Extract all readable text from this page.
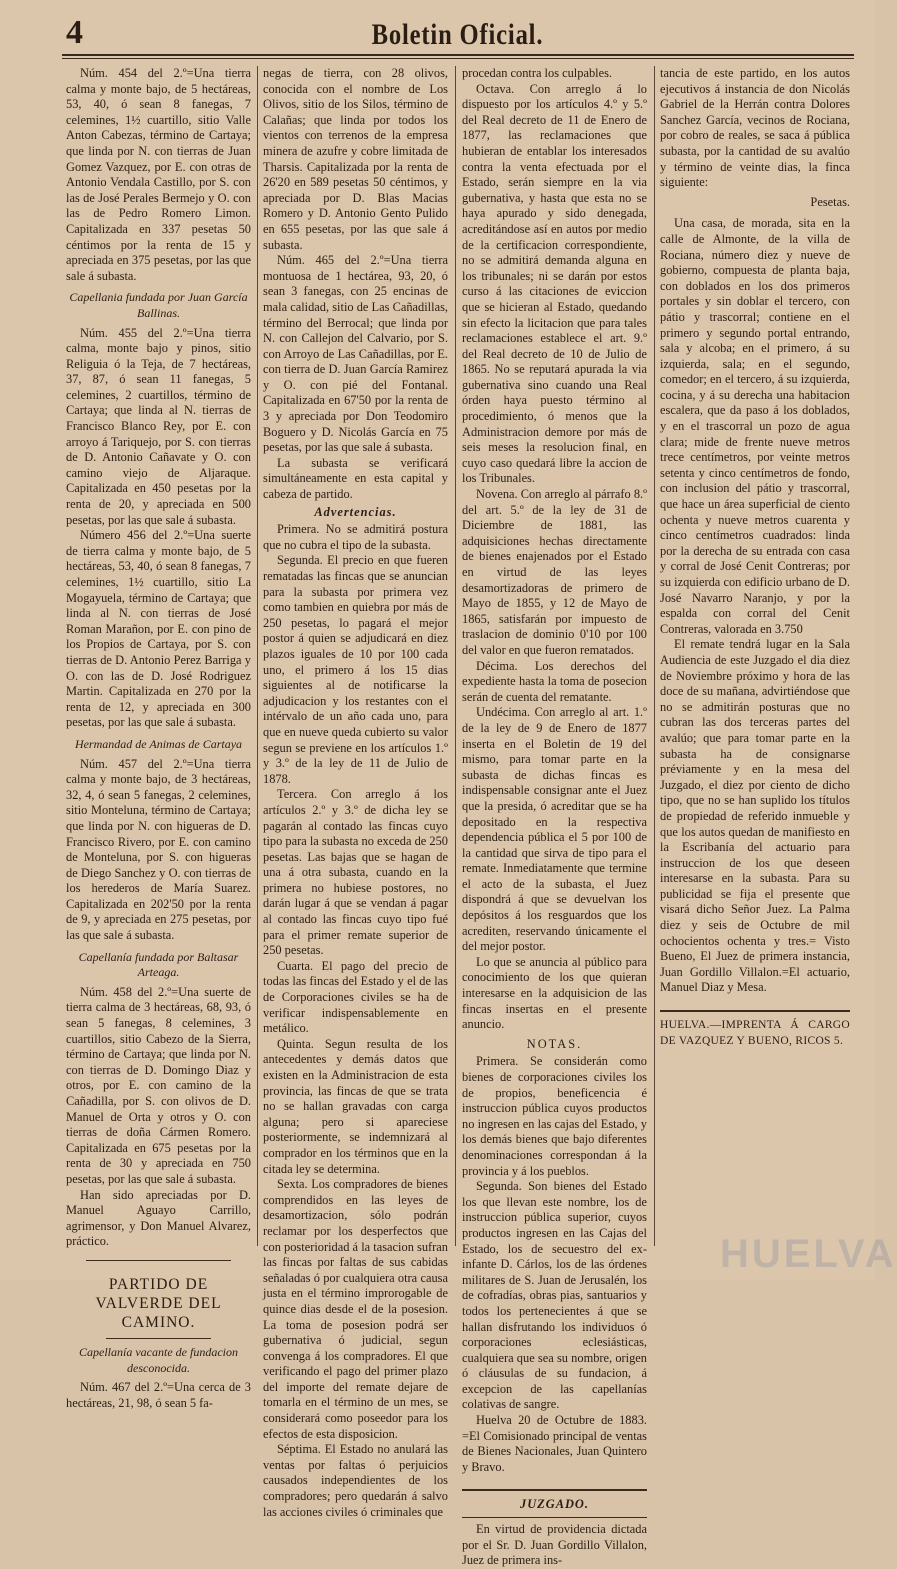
4	Boletin Oficial.

Núm. 454 del 2.º=Una tierra calma y monte bajo, de 5 hectáreas, 53, 40, ó sean 8 fanegas, 7 celemines, 1½ cuartillo, sitio Valle Anton Cabezas, término de Cartaya; que linda por N. con tierras de Juan Gomez Vazquez, por E. con otras de Antonio Vendala Castillo, por S. con las de José Perales Bermejo y O. con las de Pedro Romero Limon. Capitalizada en 337 pesetas 50 céntimos por la renta de 15 y apreciada en 375 pesetas, por las que sale á subasta.

Capellania fundada por Juan García Ballinas.

Núm. 455 del 2.º=Una tierra calma, monte bajo y pinos, sitio Religuia ó la Teja, de 7 hectáreas, 37, 87, ó sean 11 fanegas, 5 celemines, 2 cuartillos, término de Cartaya; que linda al N. tierras de Francisco Blanco Rey, por E. con arroyo á Tariquejo, por S. con tierras de D. Antonio Cañavate y O. con camino viejo de Aljaraque. Capitalizada en 450 pesetas por la renta de 20, y apreciada en 500 pesetas, por las que sale á subasta.

Número 456 del 2.º=Una suerte de tierra calma y monte bajo, de 5 hectáreas, 53, 40, ó sean 8 fanegas, 7 celemines, 1½ cuartillo, sitio La Mogayuela, término de Cartaya; que linda al N. con tierras de José Roman Marañon, por E. con pino de los Propios de Cartaya, por S. con tierras de D. Antonio Perez Barriga y O. con las de D. José Rodriguez Martin. Capitalizada en 270 por la renta de 12, y apreciada en 300 pesetas, por las que sale á subasta.

Hermandad de Animas de Cartaya

Núm. 457 del 2.º=Una tierra calma y monte bajo, de 3 hectáreas, 32, 4, ó sean 5 fanegas, 2 celemines, sitio Monteluna, término de Cartaya; que linda por N. con higueras de D. Francisco Rivero, por E. con camino de Monteluna, por S. con higueras de Diego Sanchez y O. con tierras de los herederos de María Suarez. Capitalizada en 202'50 por la renta de 9, y apreciada en 275 pesetas, por las que sale á subasta.

Capellanía fundada por Baltasar Arteaga.

Núm. 458 del 2.º=Una suerte de tierra calma de 3 hectáreas, 68, 93, ó sean 5 fanegas, 8 celemines, 3 cuartillos, sitio Cabezo de la Sierra, término de Cartaya; que linda por N. con tierras de D. Domingo Diaz y otros, por E. con camino de la Cañadilla, por S. con olivos de D. Manuel de Orta y otros y O. con tierras de doña Cármen Romero. Capitalizada en 675 pesetas por la renta de 30 y apreciada en 750 pesetas, por las que sale á subasta.

Han sido apreciadas por D. Manuel Aguayo Carrillo, agrimensor, y Don Manuel Alvarez, práctico.

PARTIDO DE VALVERDE DEL CAMINO.

Capellanía vacante de fundacion desconocida.

Núm. 467 del 2.º=Una cerca de 3 hectáreas, 21, 98, ó sean 5 fa-

negas de tierra, con 28 olivos, conocida con el nombre de Los Olivos, sitio de los Silos, término de Calañas; que linda por todos los vientos con terrenos de la empresa minera de azufre y cobre limitada de Tharsis. Capitalizada por la renta de 26'20 en 589 pesetas 50 céntimos, y apreciada por D. Blas Macias Romero y D. Antonio Gento Pulido en 655 pesetas, por las que sale á subasta.

Núm. 465 del 2.º=Una tierra montuosa de 1 hectárea, 93, 20, ó sean 3 fanegas, con 25 encinas de mala calidad, sitio de Las Cañadillas, término del Berrocal; que linda por N. con Callejon del Calvario, por S. con Arroyo de Las Cañadillas, por E. con tierra de D. Juan García Ramirez y O. con pié del Fontanal. Capitalizada en 67'50 por la renta de 3 y apreciada por Don Teodomiro Boguero y D. Nicolás García en 75 pesetas, por las que sale á subasta.

La subasta se verificará simultáneamente en esta capital y cabeza de partido.

Advertencias.

Primera. No se admitirá postura que no cubra el tipo de la subasta.

Segunda. El precio en que fueren rematadas las fincas que se anuncian para la subasta por primera vez como tambien en quiebra por más de 250 pesetas, lo pagará el mejor postor á quien se adjudicará en diez plazos iguales de 10 por 100 cada uno, el primero á los 15 dias siguientes al de notificarse la adjudicacion y los restantes con el intérvalo de un año cada uno, para que en nueve queda cubierto su valor segun se previene en los artículos 1.º y 3.º de la ley de 11 de Julio de 1878.

Tercera. Con arreglo á los artículos 2.º y 3.º de dicha ley se pagarán al contado las fincas cuyo tipo para la subasta no exceda de 250 pesetas. Las bajas que se hagan de una á otra subasta, cuando en la primera no hubiese postores, no darán lugar á que se vendan á pagar al contado las fincas cuyo tipo fué para el primer remate superior de 250 pesetas.

Cuarta. El pago del precio de todas las fincas del Estado y el de las de Corporaciones civiles se ha de verificar indispensablemente en metálico.

Quinta. Segun resulta de los antecedentes y demás datos que existen en la Administracion de esta provincia, las fincas de que se trata no se hallan gravadas con carga alguna; pero si apareciese posteriormente, se indemnizará al comprador en los términos que en la citada ley se determina.

Sexta. Los compradores de bienes comprendidos en las leyes de desamortizacion, sólo podrán reclamar por los desperfectos que con posterioridad á la tasacion sufran las fincas por faltas de sus cabidas señaladas ó por cualquiera otra causa justa en el término improrogable de quince dias desde el de la posesion. La toma de posesion podrá ser gubernativa ó judicial, segun convenga á los compradores. El que verificando el pago del primer plazo del importe del remate dejare de tomarla en el término de un mes, se considerará como poseedor para los efectos de esta disposicion.

Séptima. El Estado no anulará las ventas por faltas ó perjuicios causados independientes de los compradores; pero quedarán á salvo las acciones civiles ó criminales que

procedan contra los culpables.

Octava. Con arreglo á lo dispuesto por los artículos 4.º y 5.º del Real decreto de 11 de Enero de 1877, las reclamaciones que hubieran de entablar los interesados contra la venta efectuada por el Estado, serán siempre en la via gubernativa, y hasta que esta no se haya apurado y sido denegada, acreditándose así en autos por medio de la certificacion correspondiente, no se admitirá demanda alguna en los tribunales; ni se darán por estos curso á las citaciones de eviccion que se hicieran al Estado, quedando sin efecto la licitacion que para tales reclamaciones establece el art. 9.º del Real decreto de 10 de Julio de 1865. No se reputará apurada la via gubernativa sino cuando una Real órden haya puesto término al procedimiento, ó menos que la Administracion demore por más de seis meses la resolucion final, en cuyo caso quedará libre la accion de los Tribunales.

Novena. Con arreglo al párrafo 8.º del art. 5.º de la ley de 31 de Diciembre de 1881, las adquisiciones hechas directamente de bienes enajenados por el Estado en virtud de las leyes desamortizadoras de primero de Mayo de 1855, y 12 de Mayo de 1865, satisfarán por impuesto de traslacion de dominio 0'10 por 100 del valor en que fueron rematados.

Décima. Los derechos del expediente hasta la toma de posecion serán de cuenta del rematante.

Undécima. Con arreglo al art. 1.º de la ley de 9 de Enero de 1877 inserta en el Boletin de 19 del mismo, para tomar parte en la subasta de dichas fincas es indispensable consignar ante el Juez que la presida, ó acreditar que se ha depositado en la respectiva dependencia pública el 5 por 100 de la cantidad que sirva de tipo para el remate. Inmediatamente que termine el acto de la subasta, el Juez dispondrá á que se devuelvan los depósitos á los resguardos que los acrediten, reservando únicamente el del mejor postor.

Lo que se anuncia al público para conocimiento de los que quieran interesarse en la adquisicion de las fincas insertas en el presente anuncio.

NOTAS.

Primera. Se considerán como bienes de corporaciones civiles los de propios, beneficencia é instruccion pública cuyos productos no ingresen en las cajas del Estado, y los demás bienes que bajo diferentes denominaciones correspondan á la provincia y á los pueblos.

Segunda. Son bienes del Estado los que llevan este nombre, los de instruccion pública superior, cuyos productos ingresen en las Cajas del Estado, los de secuestro del ex-infante D. Cárlos, los de las órdenes militares de S. Juan de Jerusalén, los de cofradías, obras pias, santuarios y todos los pertenecientes á que se hallan disfrutando los individuos ó corporaciones eclesiásticas, cualquiera que sea su nombre, origen ó cláusulas de su fundacion, á excepcion de las capellanías colativas de sangre.

Huelva 20 de Octubre de 1883. =El Comisionado principal de ventas de Bienes Nacionales, Juan Quintero y Bravo.

JUZGADO.

En virtud de providencia dictada por el Sr. D. Juan Gordillo Villalon, Juez de primera ins-

tancia de este partido, en los autos ejecutivos á instancia de don Nicolás Gabriel de la Herrán contra Dolores Sanchez García, vecinos de Rociana, por cobro de reales, se saca á pública subasta, por la cantidad de su avalúo y término de veinte dias, la finca siguiente:

Pesetas.

Una casa, de morada, sita en la calle de Almonte, de la villa de Rociana, número diez y nueve de gobierno, compuesta de planta baja, con doblados en los dos primeros portales y sin doblar el tercero, con pátio y trascorral; contiene en el primero y segundo portal entrando, sala y alcoba; en el primero, á su izquierda, sala; en el segundo, comedor; en el tercero, á su izquierda, cocina, y á su derecha una habitacion escalera, que da paso á los doblados, y en el trascorral un pozo de agua clara; mide de frente nueve metros trece centímetros, por veinte metros setenta y cinco centímetros de fondo, con inclusion del pátio y trascorral, que hace un área superficial de ciento ochenta y nueve metros cuarenta y cinco centímetros cuadrados: linda por la derecha de su entrada con casa y corral de José Cenit Contreras; por su izquierda con edificio urbano de D. José Navarro Naranjo, y por la espalda con corral del Cenit Contreras, valorada en 3.750

El remate tendrá lugar en la Sala Audiencia de este Juzgado el dia diez de Noviembre próximo y hora de las doce de su mañana, advirtiéndose que no se admitirán posturas que no cubran las dos terceras partes del avalúo; que para tomar parte en la subasta ha de consignarse préviamente y en la mesa del Juzgado, el diez por ciento de dicho tipo, que no se han suplido los títulos de propiedad de referido inmueble y que los autos quedan de manifiesto en la Escribanía del actuario para instruccion de los que deseen interesarse en la subasta. Para su publicidad se fija el presente que visará dicho Señor Juez. La Palma diez y seis de Octubre de mil ochocientos ochenta y tres.= Visto Bueno, El Juez de primera instancia, Juan Gordillo Villalon.=El actuario, Manuel Diaz y Mesa.

HUELVA.—IMPRENTA Á CARGO DE VAZQUEZ Y BUENO, RICOS 5.

HUELVA
